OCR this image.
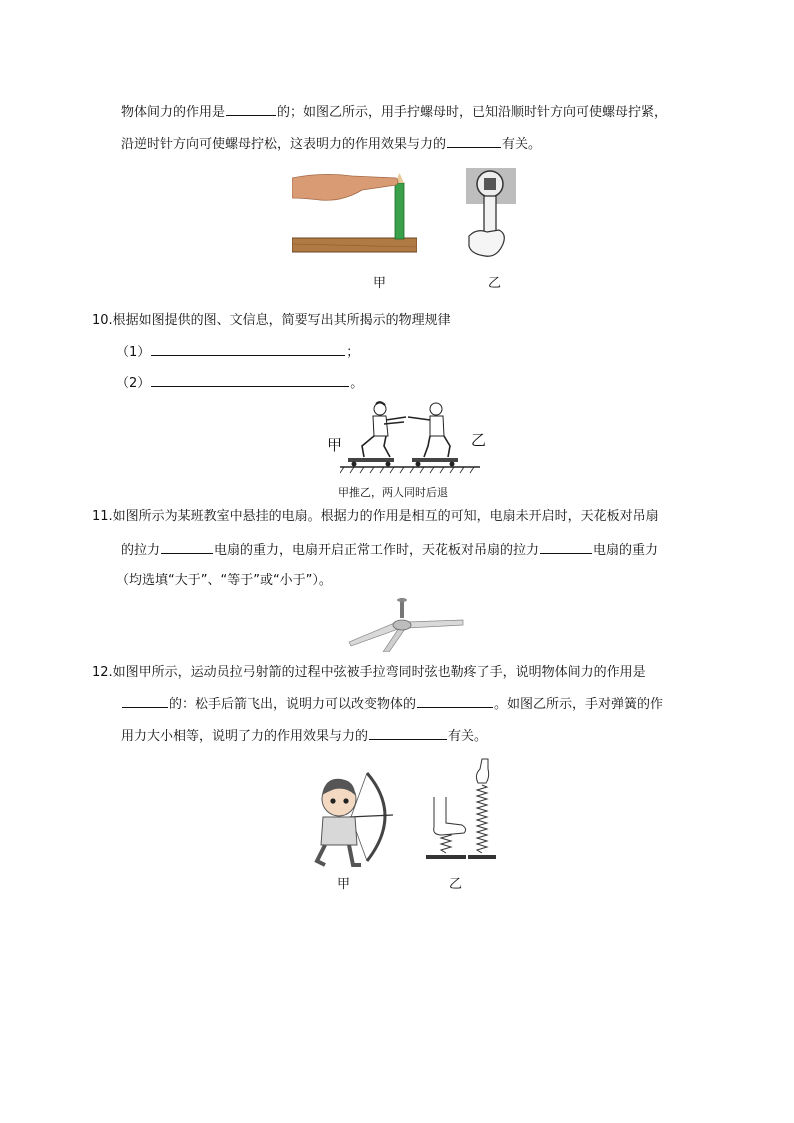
物体间力的作用是	的；如图乙所示，用手拧螺母时，已知沿顺时针方向可使螺母拧紧，
沿逆时针方向可使螺母拧松，这表明力的作用效果与力的	有关。
甲	乙
10.根据如图提供的图、文信息，简要写出其所揭示的物理规律
（1）	；
（2）	。
甲	乙
甲推乙，两人同时后退
11.如图所示为某班教室中悬挂的电扇。根据力的作用是相互的可知，电扇未开启时，天花板对吊扇
的拉力	电扇的重力，电扇开启正常工作时，天花板对吊扇的拉力	电扇的重力
（均选填“大于”、“等于”或“小于”）。
12.如图甲所示，运动员拉弓射箭的过程中弦被手拉弯同时弦也勒疼了手，说明物体间力的作用是
的：松手后箭飞出，说明力可以改变物体的	。如图乙所示，手对弹簧的作
用力大小相等，说明了力的作用效果与力的	有关。
甲	乙
